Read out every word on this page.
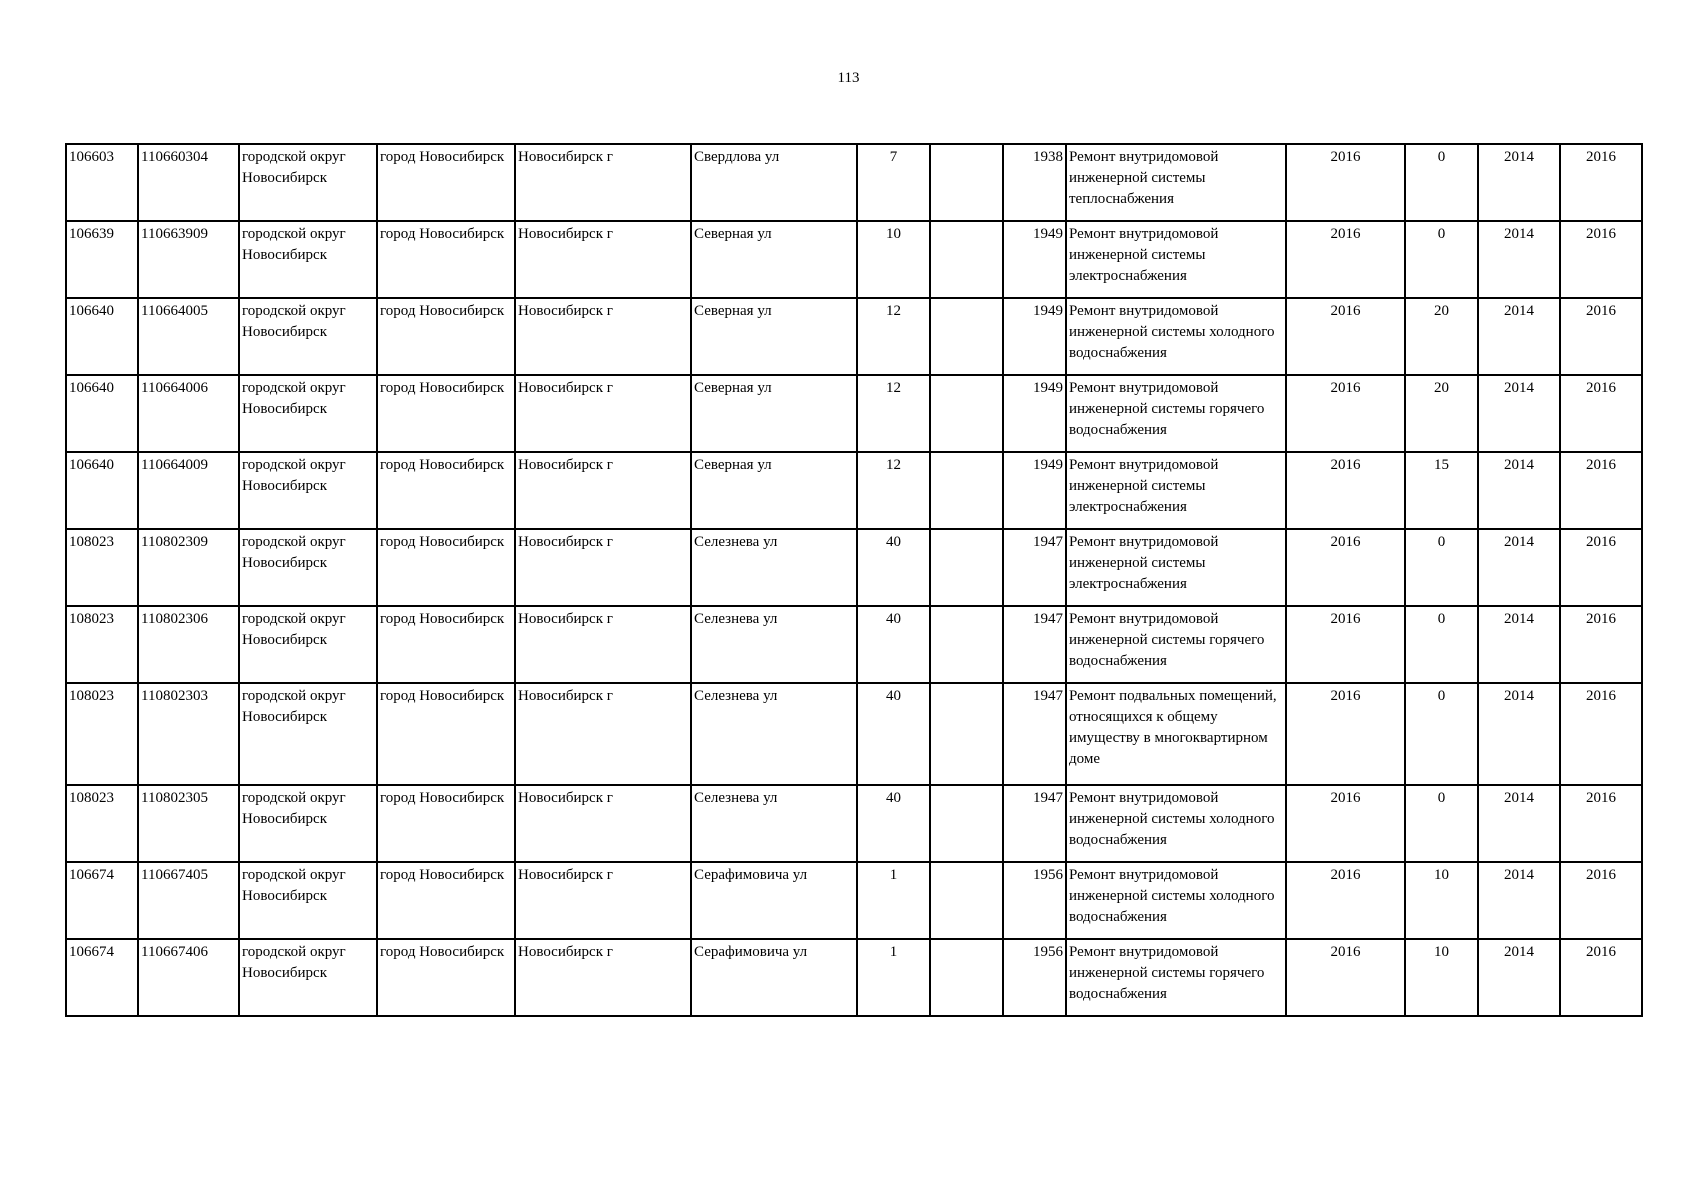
113
106603	110660304	городской округ Новосибирск	город Новосибирск	Новосибирск г	Свердлова ул	7		1938	Ремонт внутридомовой инженерной системы теплоснабжения	2016	0	2014	2016
106639	110663909	городской округ Новосибирск	город Новосибирск	Новосибирск г	Северная ул	10		1949	Ремонт внутридомовой инженерной системы электроснабжения	2016	0	2014	2016
106640	110664005	городской округ Новосибирск	город Новосибирск	Новосибирск г	Северная ул	12		1949	Ремонт внутридомовой инженерной системы холодного водоснабжения	2016	20	2014	2016
106640	110664006	городской округ Новосибирск	город Новосибирск	Новосибирск г	Северная ул	12		1949	Ремонт внутридомовой инженерной системы горячего водоснабжения	2016	20	2014	2016
106640	110664009	городской округ Новосибирск	город Новосибирск	Новосибирск г	Северная ул	12		1949	Ремонт внутридомовой инженерной системы электроснабжения	2016	15	2014	2016
108023	110802309	городской округ Новосибирск	город Новосибирск	Новосибирск г	Селезнева ул	40		1947	Ремонт внутридомовой инженерной системы электроснабжения	2016	0	2014	2016
108023	110802306	городской округ Новосибирск	город Новосибирск	Новосибирск г	Селезнева ул	40		1947	Ремонт внутридомовой инженерной системы горячего водоснабжения	2016	0	2014	2016
108023	110802303	городской округ Новосибирск	город Новосибирск	Новосибирск г	Селезнева ул	40		1947	Ремонт подвальных помещений, относящихся к общему имуществу в многоквартирном доме	2016	0	2014	2016
108023	110802305	городской округ Новосибирск	город Новосибирск	Новосибирск г	Селезнева ул	40		1947	Ремонт внутридомовой инженерной системы холодного водоснабжения	2016	0	2014	2016
106674	110667405	городской округ Новосибирск	город Новосибирск	Новосибирск г	Серафимовича ул	1		1956	Ремонт внутридомовой инженерной системы холодного водоснабжения	2016	10	2014	2016
106674	110667406	городской округ Новосибирск	город Новосибирск	Новосибирск г	Серафимовича ул	1		1956	Ремонт внутридомовой инженерной системы горячего водоснабжения	2016	10	2014	2016
